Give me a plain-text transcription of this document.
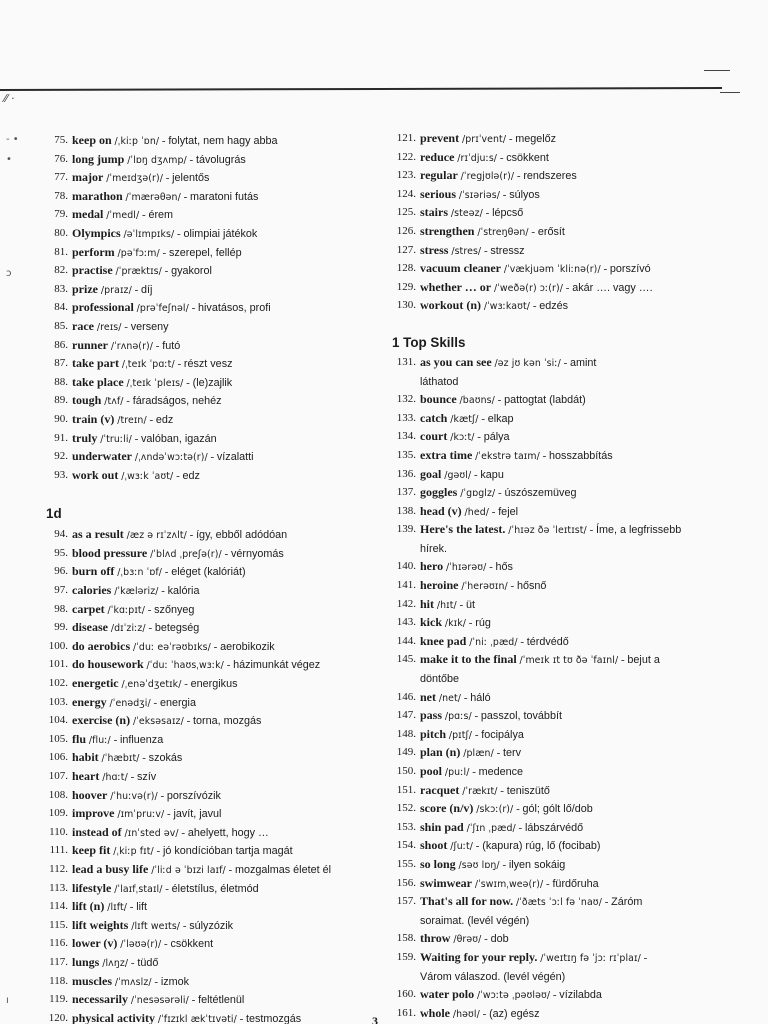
⁄⁄ ·
- •
•
ɔ
ı
75. keep on /ˌkiːp ˈɒn/ - folytat, nem hagy abba
76. long jump /ˈlɒŋ dʒʌmp/ - távolugrás
77. major /ˈmeɪdʒə(r)/ - jelentős
78. marathon /ˈmærəθən/ - maratoni futás
79. medal /ˈmedl/ - érem
80. Olympics /əˈlɪmpɪks/ - olimpiai játékok
81. perform /pəˈfɔːm/ - szerepel, fellép
82. practise /ˈpræktɪs/ - gyakorol
83. prize /praɪz/ - díj
84. professional /prəˈfeʃnəl/ - hivatásos, profi
85. race /reɪs/ - verseny
86. runner /ˈrʌnə(r)/ - futó
87. take part /ˌteɪk ˈpɑːt/ - részt vesz
88. take place /ˌteɪk ˈpleɪs/ - (le)zajlik
89. tough /tʌf/ - fáradságos, nehéz
90. train (v) /treɪn/ - edz
91. truly /ˈtruːli/ - valóban, igazán
92. underwater /ˌʌndəˈwɔːtə(r)/ - vízalatti
93. work out /ˌwɜːk ˈaʊt/ - edz
1d
94. as a result /æz ə rɪˈzʌlt/ - így, ebből adódóan
95. blood pressure /ˈblʌd ˌpreʃə(r)/ - vérnyomás
96. burn off /ˌbɜːn ˈɒf/ - eléget (kalóriát)
97. calories /ˈkæləriz/ - kalória
98. carpet /ˈkɑːpɪt/ - szőnyeg
99. disease /dɪˈziːz/ - betegség
100. do aerobics /ˈduː eəˈrəʊbɪks/ - aerobikozik
101. do housework /ˈduː ˈhaʊsˌwɜːk/ - házimunkát végez
102. energetic /ˌenəˈdʒetɪk/ - energikus
103. energy /ˈenədʒi/ - energia
104. exercise (n) /ˈeksəsaɪz/ - torna, mozgás
105. flu /fluː/ - influenza
106. habit /ˈhæbɪt/ - szokás
107. heart /hɑːt/ - szív
108. hoover /ˈhuːvə(r)/ - porszívózik
109. improve /ɪmˈpruːv/ - javít, javul
110. instead of /ɪnˈsted əv/ - ahelyett, hogy …
111. keep fit /ˌkiːp fɪt/ - jó kondícióban tartja magát
112. lead a busy life /ˈliːd ə ˈbɪzi laɪf/ - mozgalmas életet él
113. lifestyle /ˈlaɪfˌstaɪl/ - életstílus, életmód
114. lift (n) /lɪft/ - lift
115. lift weights /lɪft weɪts/ - súlyzózik
116. lower (v) /ˈləʊə(r)/ - csökkent
117. lungs /lʌŋz/ - tüdő
118. muscles /ˈmʌslz/ - izmok
119. necessarily /ˈnesəsərəli/ - feltétlenül
120. physical activity /ˈfɪzɪkl ækˈtɪvəti/ - testmozgás
121. prevent /prɪˈvent/ - megelőz
122. reduce /rɪˈdjuːs/ - csökkent
123. regular /ˈregjʊlə(r)/ - rendszeres
124. serious /ˈsɪəriəs/ - súlyos
125. stairs /steəz/ - lépcső
126. strengthen /ˈstreŋθən/ - erősít
127. stress /stres/ - stressz
128. vacuum cleaner /ˈvækjuəm ˈkliːnə(r)/ - porszívó
129. whether … or /ˈweðə(r) ɔː(r)/ - akár …. vagy ….
130. workout (n) /ˈwɜːkaʊt/ - edzés
1 Top Skills
131. as you can see /əz jʊ kən ˈsiː/ - amint
láthatod
132. bounce /baʊns/ - pattogtat (labdát)
133. catch /kætʃ/ - elkap
134. court /kɔːt/ - pálya
135. extra time /ˈekstrə taɪm/ - hosszabbítás
136. goal /gəʊl/ - kapu
137. goggles /ˈgɒglz/ - úszószemüveg
138. head (v) /hed/ - fejel
139. Here's the latest. /ˈhɪəz ðə ˈleɪtɪst/ - Íme, a legfrissebb
hírek.
140. hero /ˈhɪərəʊ/ - hős
141. heroine /ˈherəʊɪn/ - hősnő
142. hit /hɪt/ - üt
143. kick /kɪk/ - rúg
144. knee pad /ˈniː ˌpæd/ - térdvédő
145. make it to the final /ˈmeɪk ɪt tʊ ðə ˈfaɪnl/ - bejut a
döntőbe
146. net /net/ - háló
147. pass /pɑːs/ - passzol, továbbít
148. pitch /pɪtʃ/ - focipálya
149. plan (n) /plæn/ - terv
150. pool /puːl/ - medence
151. racquet /ˈrækɪt/ - teniszütő
152. score (n/v) /skɔː(r)/ - gól; gólt lő/dob
153. shin pad /ˈʃɪn ˌpæd/ - lábszárvédő
154. shoot /ʃuːt/ - (kapura) rúg, lő (focibab)
155. so long /səʊ lɒŋ/ - ilyen sokáig
156. swimwear /ˈswɪmˌweə(r)/ - fürdőruha
157. That's all for now. /ˈðæts ˈɔːl fə ˈnaʊ/ - Záróm
soraimat. (levél végén)
158. throw /θrəʊ/ - dob
159. Waiting for your reply. /ˈweɪtɪŋ fə ˈjɔː rɪˈplaɪ/ -
Várom válaszod. (levél végén)
160. water polo /ˈwɔːtə ˌpəʊləʊ/ - vízilabda
161. whole /həʊl/ - (az) egész
3
